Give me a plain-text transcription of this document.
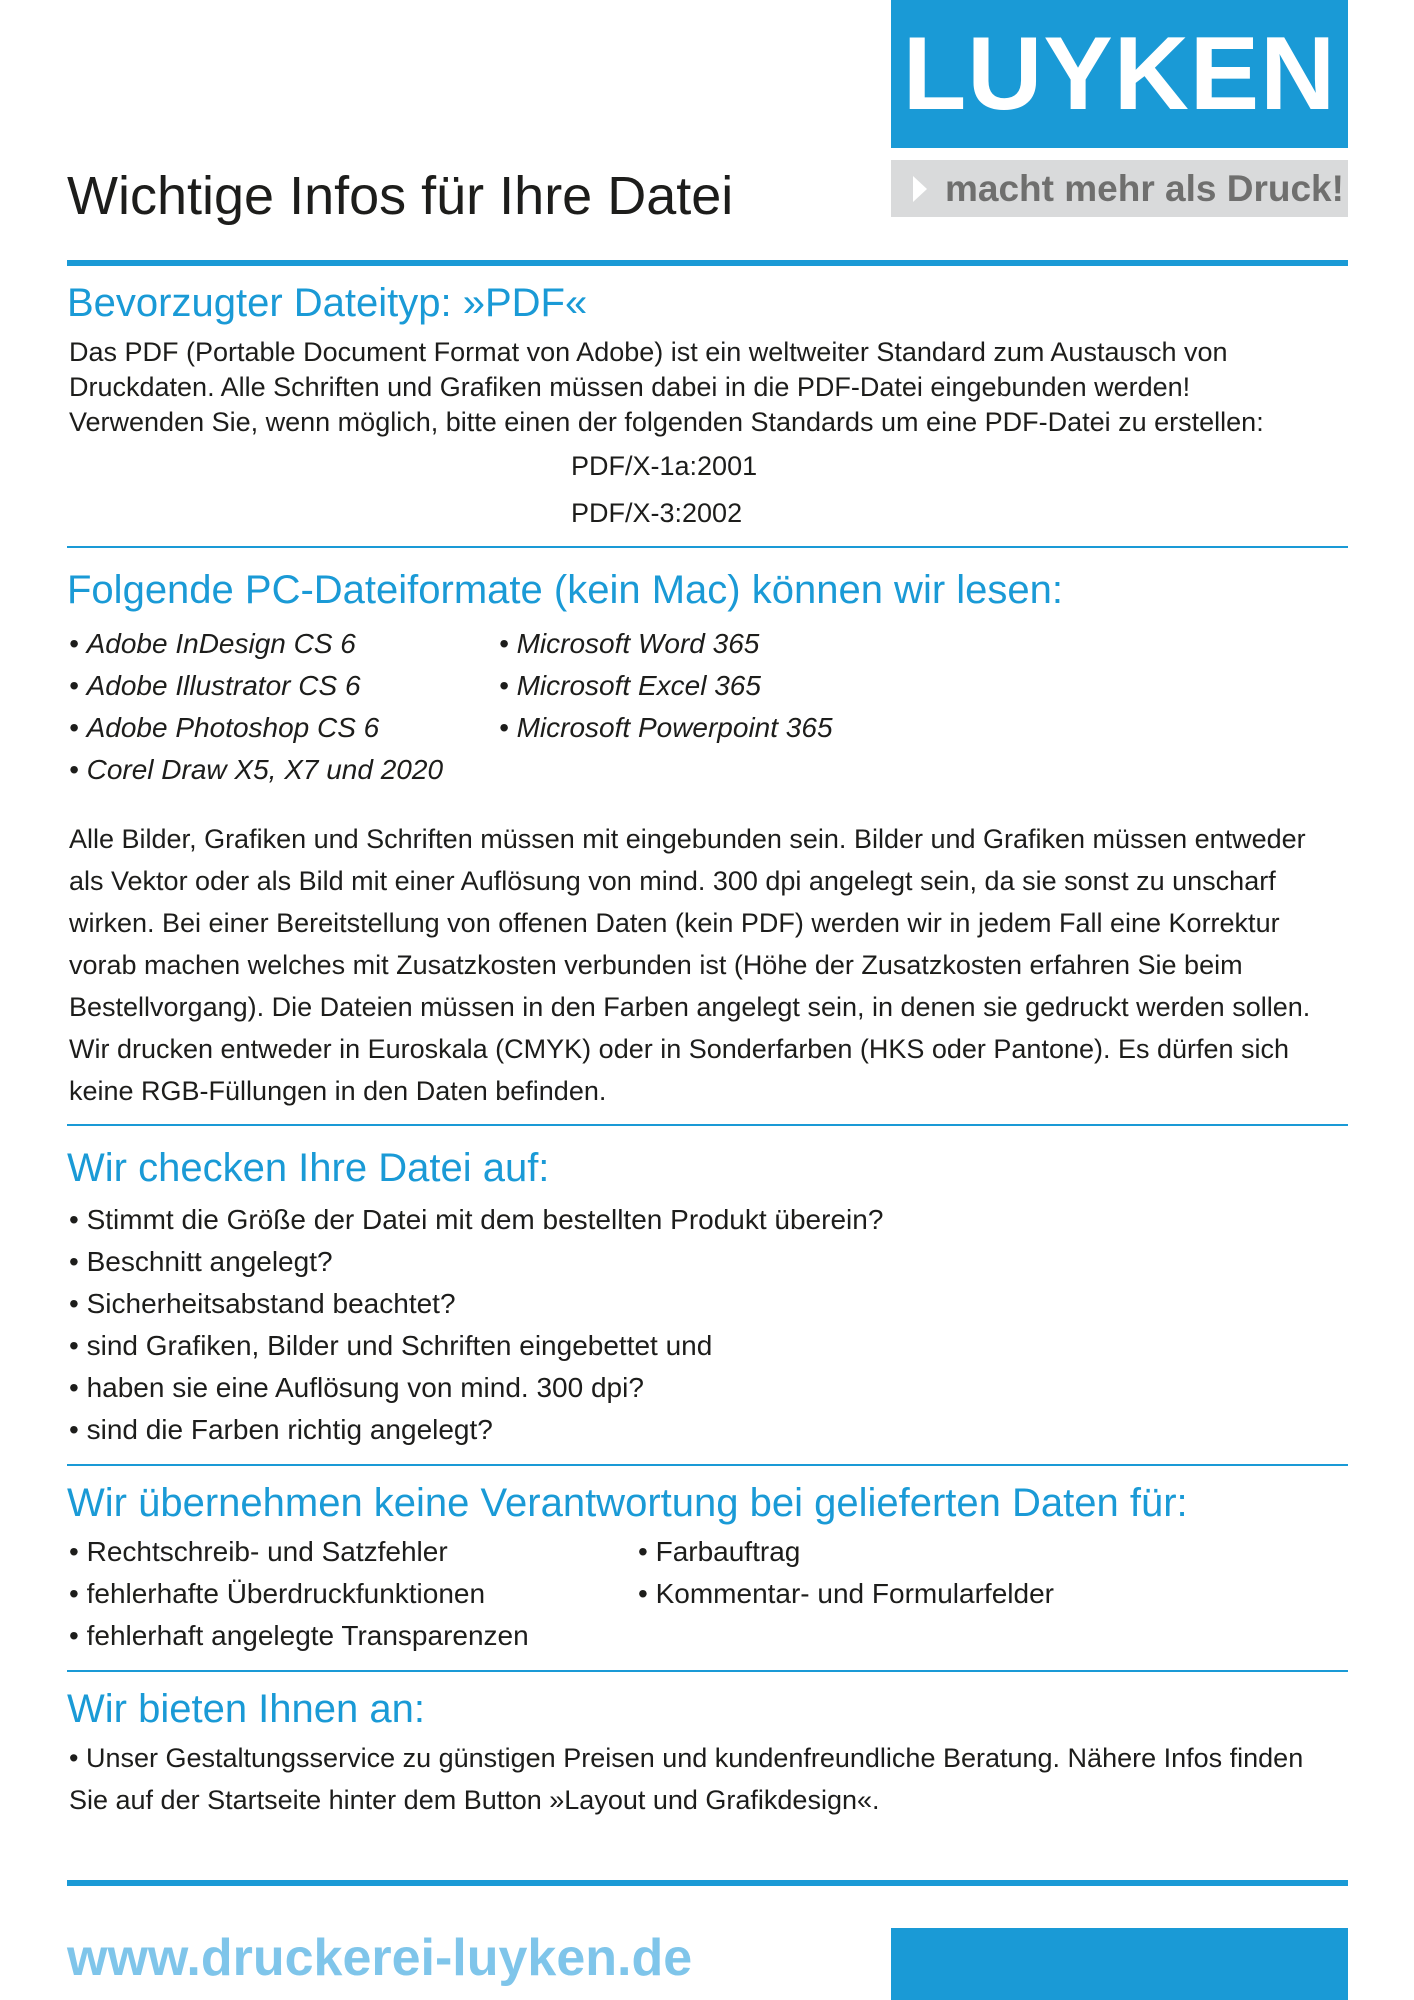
LUYKEN
macht mehr als Druck!
Wichtige Infos für Ihre Datei
Bevorzugter Dateityp: »PDF«
Das PDF (Portable Document Format von Adobe) ist ein weltweiter Standard zum Austausch von
Druckdaten. Alle Schriften und Grafiken müssen dabei in die PDF-Datei eingebunden werden!
Verwenden Sie, wenn möglich, bitte einen der folgenden Standards um eine PDF-Datei zu erstellen:
PDF/X-1a:2001
PDF/X-3:2002
Folgende PC-Dateiformate (kein Mac) können wir lesen:
• Adobe InDesign CS 6
• Adobe Illustrator CS 6
• Adobe Photoshop CS 6
• Corel Draw X5, X7 und 2020
• Microsoft Word 365
• Microsoft Excel 365
• Microsoft Powerpoint 365
Alle Bilder, Grafiken und Schriften müssen mit eingebunden sein. Bilder und Grafiken müssen entweder
als Vektor oder als Bild mit einer Auflösung von mind. 300 dpi angelegt sein, da sie sonst zu unscharf
wirken. Bei einer Bereitstellung von offenen Daten (kein PDF) werden wir in jedem Fall eine Korrektur
vorab machen welches mit Zusatzkosten verbunden ist (Höhe der Zusatzkosten erfahren Sie beim
Bestellvorgang). Die Dateien müssen in den Farben angelegt sein, in denen sie gedruckt werden sollen.
Wir drucken entweder in Euroskala (CMYK) oder in Sonderfarben (HKS oder Pantone). Es dürfen sich
keine RGB-Füllungen in den Daten befinden.
Wir checken Ihre Datei auf:
• Stimmt die Größe der Datei mit dem bestellten Produkt überein?
• Beschnitt angelegt?
• Sicherheitsabstand beachtet?
• sind Grafiken, Bilder und Schriften eingebettet und
• haben sie eine Auflösung von mind. 300 dpi?
• sind die Farben richtig angelegt?
Wir übernehmen keine Verantwortung bei gelieferten Daten für:
• Rechtschreib- und Satzfehler
• fehlerhafte Überdruckfunktionen
• fehlerhaft angelegte Transparenzen
• Farbauftrag
• Kommentar- und Formularfelder
Wir bieten Ihnen an:
• Unser Gestaltungsservice zu günstigen Preisen und kundenfreundliche Beratung. Nähere Infos finden
Sie auf der Startseite hinter dem Button »Layout und Grafikdesign«.
www.druckerei-luyken.de
